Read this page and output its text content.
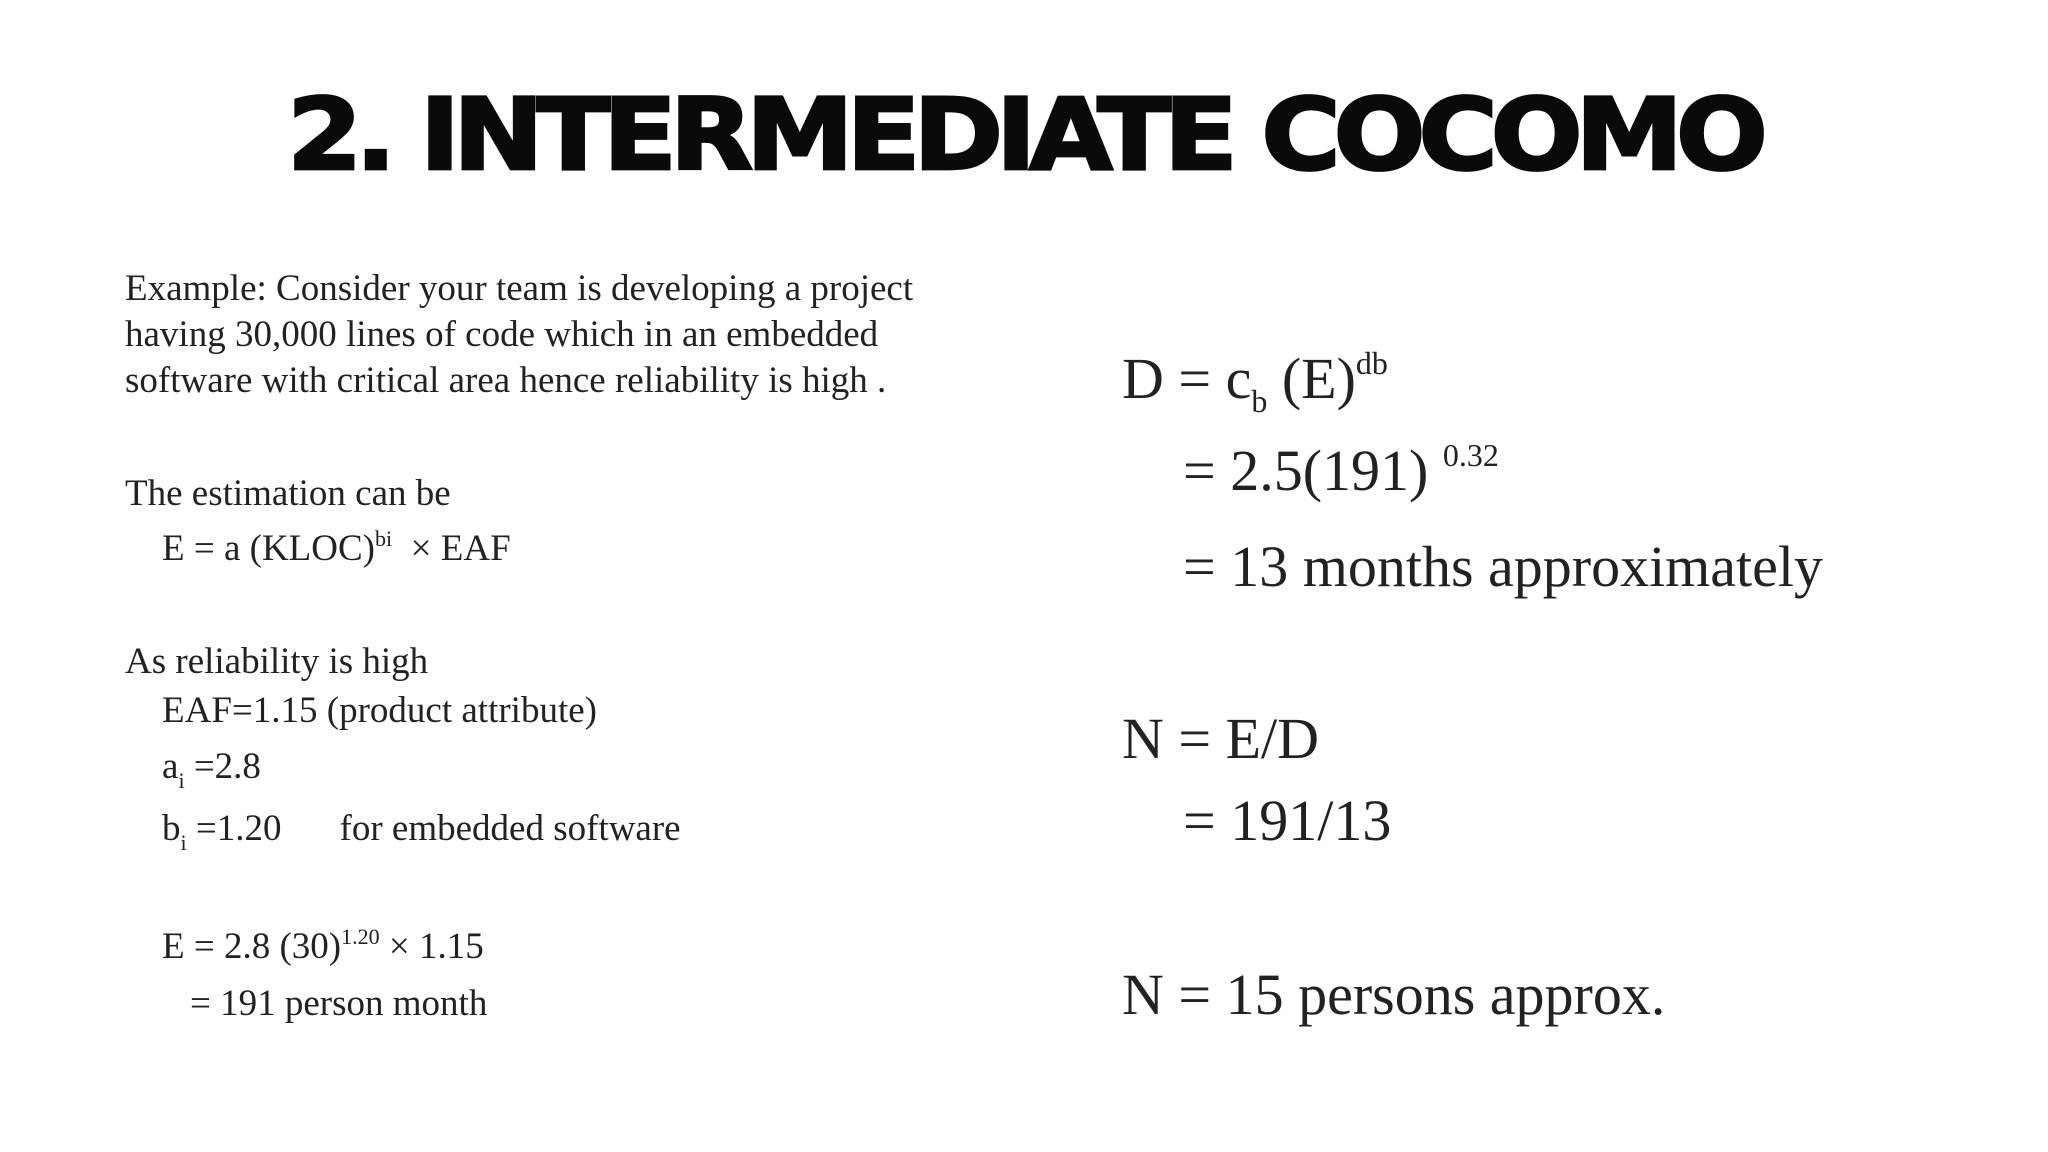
2. INTERMEDIATE COCOMO
Example: Consider your team is developing a project
having 30,000 lines of code which in an embedded
software with critical area hence reliability is high .
The estimation can be
E = a (KLOC)$^{bi}$ × EAF
As reliability is high
EAF=1.15 (product attribute)
$a_i =2.8$
$b_i =1.20$ for embedded software
E = 2.8 $(30)^{1.20} \times 1.15$
= 191 person month
$D = c_b$ $(E)^{db}$
= 2.5(191) $^{0.32}$
= 13 months approximately
N = E/D
= 191/13
N = 15 persons approx.
